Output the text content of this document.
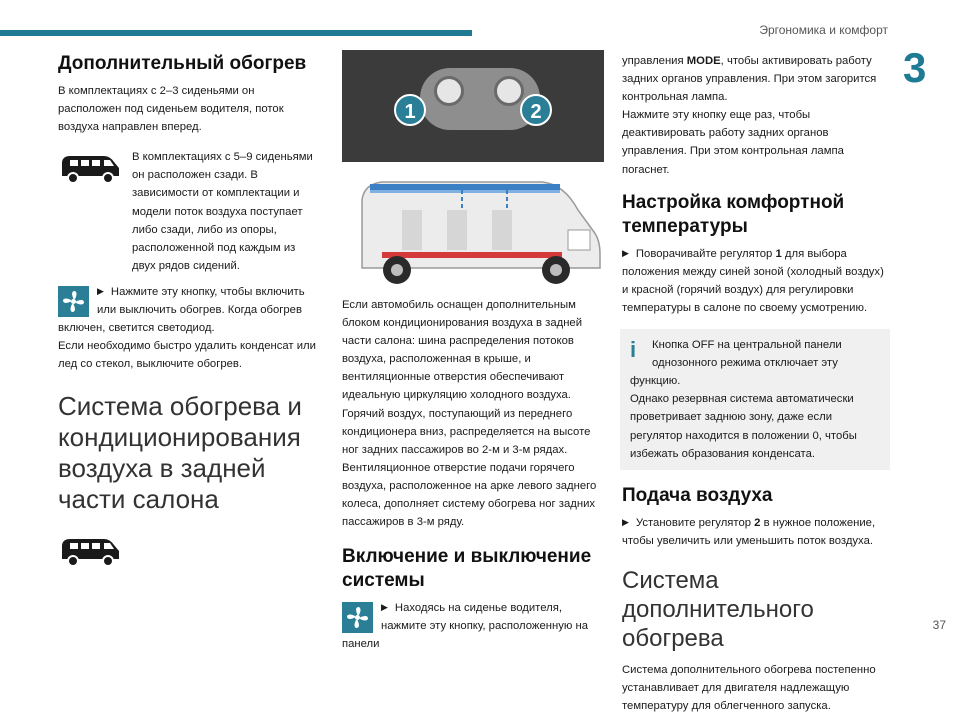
Эргономика и комфорт
3
Дополнительный обогрев

В комплектациях с 2–3 сиденьями он расположен под сиденьем водителя, поток воздуха направлен вперед.

В комплектациях с 5–9 сиденьями он расположен сзади. В зависимости от комплектации и модели поток воздуха поступает либо сзади, либо из опоры, расположенной под каждым из двух рядов сидений.

▶ Нажмите эту кнопку, чтобы включить или выключить обогрев. Когда обогрев включен, светится светодиод.

Если необходимо быстро удалить конденсат или лед со стекол, выключите обогрев.

Система обогрева и кондиционирования воздуха в задней части салона
1	2

Если автомобиль оснащен дополнительным блоком кондиционирования воздуха в задней части салона: шина распределения потоков воздуха, расположенная в крыше, и вентиляционные отверстия обеспечивают идеальную циркуляцию холодного воздуха.

Горячий воздух, поступающий из переднего кондиционера вниз, распределяется на высоте ног задних пассажиров во 2-м и 3-м рядах.

Вентиляционное отверстие подачи горячего воздуха, расположенное на арке левого заднего колеса, дополняет систему обогрева ног задних пассажиров в 3-м ряду.

Включение и выключение системы

▶ Находясь на сиденье водителя, нажмите эту кнопку, расположенную на панели

управления MODE, чтобы активировать работу задних органов управления. При этом загорится контрольная лампа.

Нажмите эту кнопку еще раз, чтобы деактивировать работу задних органов управления. При этом контрольная лампа погаснет.

Настройка комфортной температуры

▶ Поворачивайте регулятор 1 для выбора положения между синей зоной (холодный воздух) и красной (горячий воздух) для регулировки температуры в салоне по своему усмотрению.

i	Кнопка OFF на центральной панели однозонного режима отключает эту функцию.

Однако резервная система автоматически проветривает заднюю зону, даже если регулятор находится в положении 0, чтобы избежать образования конденсата.

Подача воздуха

▶ Установите регулятор 2 в нужное положение, чтобы увеличить или уменьшить поток воздуха.

Система дополнительного обогрева

Система дополнительного обогрева постепенно устанавливает для двигателя надлежащую температуру для облегченного запуска.

37
